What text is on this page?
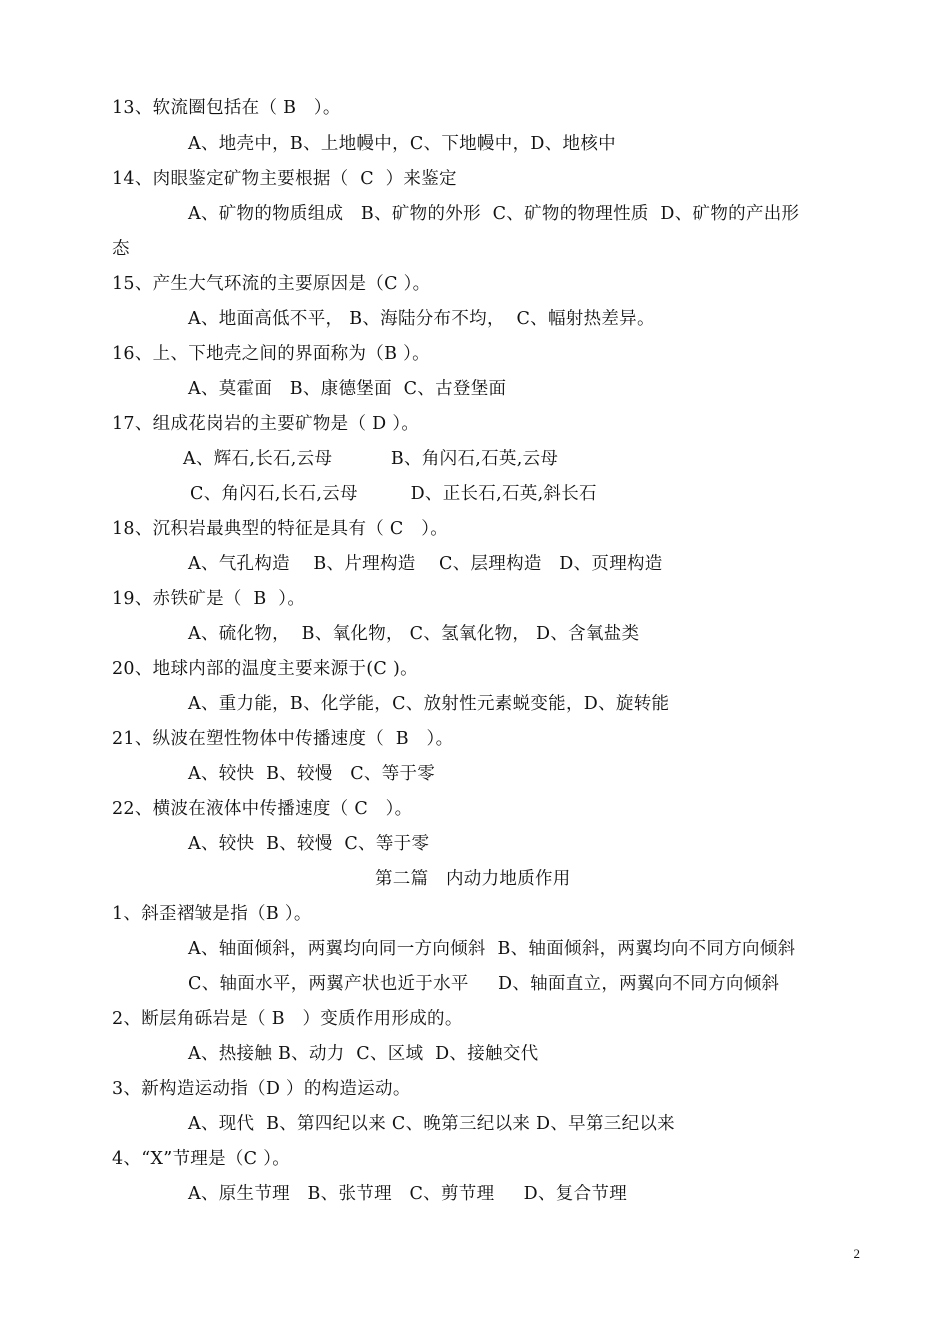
13、软流圈包括在（ B   ）。
A、地壳中，B、上地幔中，C、下地幔中，D、地核中
14、肉眼鉴定矿物主要根据（  C  ）来鉴定
A、矿物的物质组成   B、矿物的外形  C、矿物的物理性质  D、矿物的产出形
态
15、产生大气环流的主要原因是（C ）。
A、地面高低不平， B、海陆分布不均，  C、幅射热差异。
16、上、下地壳之间的界面称为（B ）。
A、莫霍面   B、康德堡面  C、古登堡面
17、组成花岗岩的主要矿物是（ D ）。
A、辉石,长石,云母          B、角闪石,石英,云母
C、角闪石,长石,云母         D、正长石,石英,斜长石
18、沉积岩最典型的特征是具有（ C   ）。
A、气孔构造    B、片理构造    C、层理构造   D、页理构造
19、赤铁矿是（  B  ）。
A、硫化物，  B、氧化物， C、氢氧化物， D、含氧盐类
20、地球内部的温度主要来源于(C )。
A、重力能，B、化学能，C、放射性元素蜕变能，D、旋转能
21、纵波在塑性物体中传播速度（  B   ）。
A、较快  B、较慢   C、等于零
22、横波在液体中传播速度（ C   ）。
A、较快  B、较慢  C、等于零
第二篇   内动力地质作用
1、斜歪褶皱是指（B ）。
A、轴面倾斜，两翼均向同一方向倾斜  B、轴面倾斜，两翼均向不同方向倾斜
C、轴面水平，两翼产状也近于水平     D、轴面直立，两翼向不同方向倾斜
2、断层角砾岩是（ B   ）变质作用形成的。
A、热接触 B、动力  C、区域  D、接触交代
3、新构造运动指（D ）的构造运动。
A、现代  B、第四纪以来 C、晚第三纪以来 D、早第三纪以来
4、“X”节理是（C ）。
A、原生节理   B、张节理   C、剪节理     D、复合节理
2
